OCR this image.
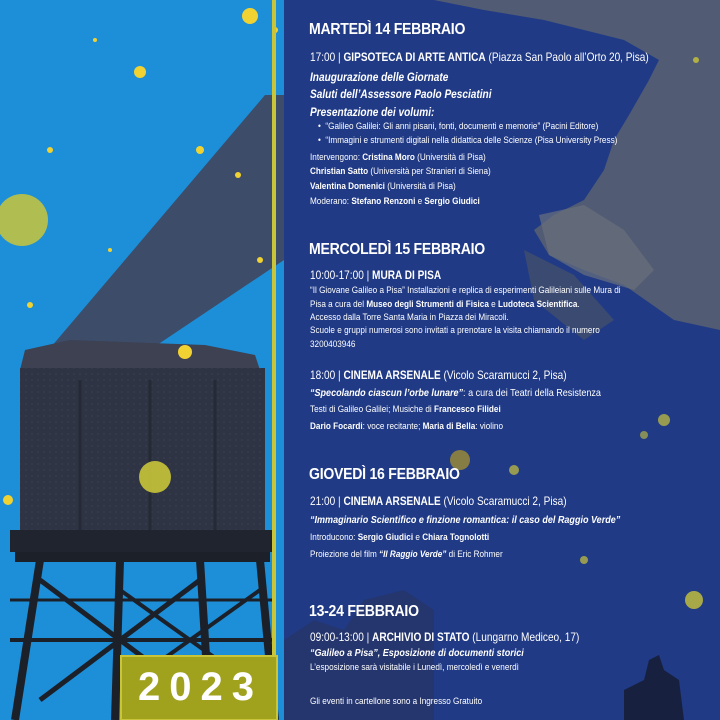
2023
MARTEDÌ 14 FEBBRAIO
17:00 | GIPSOTECA DI ARTE ANTICA (Piazza San Paolo all’Orto 20, Pisa)
Inaugurazione delle Giornate
Saluti dell’Assessore Paolo Pesciatini
Presentazione dei volumi:
•  “Galileo Galilei: Gli anni pisani, fonti, documenti e memorie” (Pacini Editore)
•  “Immagini e strumenti digitali nella didattica delle Scienze (Pisa University Press)
Intervengono: Cristina Moro (Università di Pisa)
Christian Satto (Università per Stranieri di Siena)
Valentina Domenici (Università di Pisa)
Moderano: Stefano Renzoni e Sergio Giudici
MERCOLEDÌ 15 FEBBRAIO
10:00-17:00 | MURA DI PISA
“Il Giovane Galileo a Pisa” Installazioni e replica di esperimenti Galileiani sulle Mura di
Pisa a cura del Museo degli Strumenti di Fisica e Ludoteca Scientifica.
Accesso dalla Torre Santa Maria in Piazza dei Miracoli.
Scuole e gruppi numerosi sono invitati a prenotare la visita chiamando il numero
3200403946
18:00 | CINEMA ARSENALE (Vicolo Scaramucci 2, Pisa)
“Specolando ciascun l’orbe lunare”: a cura dei Teatri della Resistenza
Testi di Galileo Galilei; Musiche di Francesco Filidei
Dario Focardi: voce recitante; Maria di Bella: violino
GIOVEDÌ 16 FEBBRAIO
21:00 | CINEMA ARSENALE (Vicolo Scaramucci 2, Pisa)
“Immaginario Scientifico e finzione romantica: il caso del Raggio Verde”
Introducono: Sergio Giudici e Chiara Tognolotti
Proiezione del film “Il Raggio Verde” di Eric Rohmer
13-24 FEBBRAIO
09:00-13:00 | ARCHIVIO DI STATO (Lungarno Mediceo, 17)
“Galileo a Pisa”, Esposizione di documenti storici
L’esposizione sarà visitabile i Lunedì, mercoledì e venerdì
Gli eventi in cartellone sono a Ingresso Gratuito
